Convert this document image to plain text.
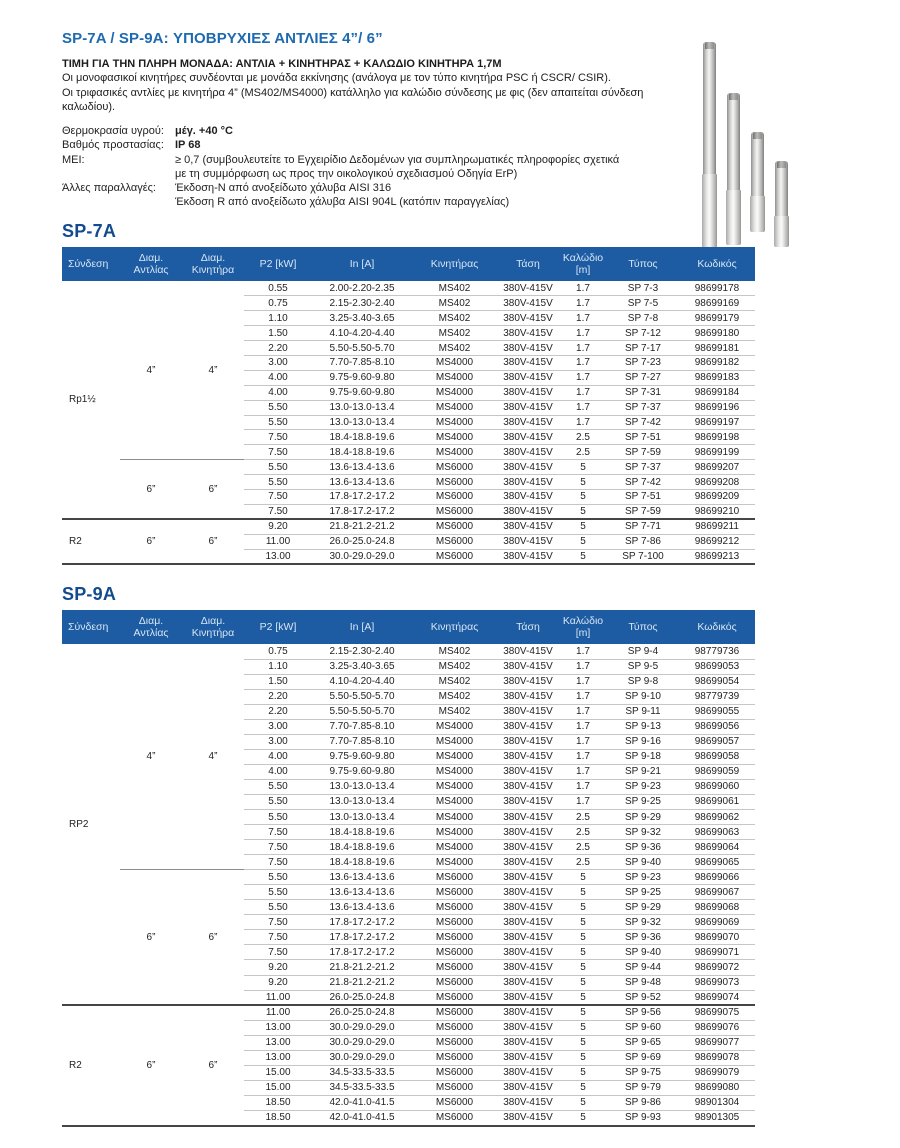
SP-7A / SP-9A: ΥΠΟΒΡΥΧΙΕΣ ΑΝΤΛΙΕΣ 4”/ 6”

ΤΙΜΗ ΓΙΑ ΤΗΝ ΠΛΗΡΗ ΜΟΝΑΔΑ: ΑΝΤΛΙΑ + ΚΙΝΗΤΗΡΑΣ + ΚΑΛΩΔΙΟ ΚΙΝΗΤΗΡΑ 1,7M

Οι μονοφασικοί κινητήρες συνδέονται με μονάδα εκκίνησης (ανάλογα με τον τύπο κινητήρα PSC ή CSCR/ CSIR).

Οι τριφασικές αντλίες με κινητήρα 4” (MS402/MS4000) κατάλληλο για καλώδιο σύνδεσης με φις (δεν απαιτείται σύνδεση καλωδίου).

Θερμοκρασία υγρού:	μέγ. +40 °C
Βαθμός προστασίας:	IP 68
MEI:	≥ 0,7 (συμβουλευτείτε το Εγχειρίδιο Δεδομένων για συμπληρωματικές πληροφορίες σχετικά
με τη συμμόρφωση ως προς την οικολογικού σχεδιασμού Οδηγία ErP)
Άλλες παραλλαγές:	Έκδοση-N από ανοξείδωτο χάλυβα AISI 316
Έκδοση R από ανοξείδωτο χάλυβα AISI 904L (κατόπιν παραγγελίας)
SP-7A
Σύνδεση	Διαμ. Αντλίας	Διαμ. Κινητήρα	P2 [kW]	In [A]	Κινητήρας	Τάση	Καλώδιο [m]	Τύπος	Κωδικός
Rp1½	4”	4”	0.55	2.00-2.20-2.35	MS402	380V-415V	1.7	SP 7-3	98699178
			0.75	2.15-2.30-2.40	MS402	380V-415V	1.7	SP 7-5	98699169
			1.10	3.25-3.40-3.65	MS402	380V-415V	1.7	SP 7-8	98699179
			1.50	4.10-4.20-4.40	MS402	380V-415V	1.7	SP 7-12	98699180
			2.20	5.50-5.50-5.70	MS402	380V-415V	1.7	SP 7-17	98699181
			3.00	7.70-7.85-8.10	MS4000	380V-415V	1.7	SP 7-23	98699182
			4.00	9.75-9.60-9.80	MS4000	380V-415V	1.7	SP 7-27	98699183
			4.00	9.75-9.60-9.80	MS4000	380V-415V	1.7	SP 7-31	98699184
			5.50	13.0-13.0-13.4	MS4000	380V-415V	1.7	SP 7-37	98699196
			5.50	13.0-13.0-13.4	MS4000	380V-415V	1.7	SP 7-42	98699197
			7.50	18.4-18.8-19.6	MS4000	380V-415V	2.5	SP 7-51	98699198
			7.50	18.4-18.8-19.6	MS4000	380V-415V	2.5	SP 7-59	98699199
	6”	6”	5.50	13.6-13.4-13.6	MS6000	380V-415V	5	SP 7-37	98699207
			5.50	13.6-13.4-13.6	MS6000	380V-415V	5	SP 7-42	98699208
			7.50	17.8-17.2-17.2	MS6000	380V-415V	5	SP 7-51	98699209
			7.50	17.8-17.2-17.2	MS6000	380V-415V	5	SP 7-59	98699210
R2	6”	6”	9.20	21.8-21.2-21.2	MS6000	380V-415V	5	SP 7-71	98699211
			11.00	26.0-25.0-24.8	MS6000	380V-415V	5	SP 7-86	98699212
			13.00	30.0-29.0-29.0	MS6000	380V-415V	5	SP 7-100	98699213
SP-9A
Σύνδεση	Διαμ. Αντλίας	Διαμ. Κινητήρα	P2 [kW]	In [A]	Κινητήρας	Τάση	Καλώδιο [m]	Τύπος	Κωδικός
RP2	4”	4”	0.75	2.15-2.30-2.40	MS402	380V-415V	1.7	SP 9-4	98779736
			1.10	3.25-3.40-3.65	MS402	380V-415V	1.7	SP 9-5	98699053
			1.50	4.10-4.20-4.40	MS402	380V-415V	1.7	SP 9-8	98699054
			2.20	5.50-5.50-5.70	MS402	380V-415V	1.7	SP 9-10	98779739
			2.20	5.50-5.50-5.70	MS402	380V-415V	1.7	SP 9-11	98699055
			3.00	7.70-7.85-8.10	MS4000	380V-415V	1.7	SP 9-13	98699056
			3.00	7.70-7.85-8.10	MS4000	380V-415V	1.7	SP 9-16	98699057
			4.00	9.75-9.60-9.80	MS4000	380V-415V	1.7	SP 9-18	98699058
			4.00	9.75-9.60-9.80	MS4000	380V-415V	1.7	SP 9-21	98699059
			5.50	13.0-13.0-13.4	MS4000	380V-415V	1.7	SP 9-23	98699060
			5.50	13.0-13.0-13.4	MS4000	380V-415V	1.7	SP 9-25	98699061
			5.50	13.0-13.0-13.4	MS4000	380V-415V	2.5	SP 9-29	98699062
			7.50	18.4-18.8-19.6	MS4000	380V-415V	2.5	SP 9-32	98699063
			7.50	18.4-18.8-19.6	MS4000	380V-415V	2.5	SP 9-36	98699064
			7.50	18.4-18.8-19.6	MS4000	380V-415V	2.5	SP 9-40	98699065
	6”	6”	5.50	13.6-13.4-13.6	MS6000	380V-415V	5	SP 9-23	98699066
			5.50	13.6-13.4-13.6	MS6000	380V-415V	5	SP 9-25	98699067
			5.50	13.6-13.4-13.6	MS6000	380V-415V	5	SP 9-29	98699068
			7.50	17.8-17.2-17.2	MS6000	380V-415V	5	SP 9-32	98699069
			7.50	17.8-17.2-17.2	MS6000	380V-415V	5	SP 9-36	98699070
			7.50	17.8-17.2-17.2	MS6000	380V-415V	5	SP 9-40	98699071
			9.20	21.8-21.2-21.2	MS6000	380V-415V	5	SP 9-44	98699072
			9.20	21.8-21.2-21.2	MS6000	380V-415V	5	SP 9-48	98699073
			11.00	26.0-25.0-24.8	MS6000	380V-415V	5	SP 9-52	98699074
R2	6”	6”	11.00	26.0-25.0-24.8	MS6000	380V-415V	5	SP 9-56	98699075
			13.00	30.0-29.0-29.0	MS6000	380V-415V	5	SP 9-60	98699076
			13.00	30.0-29.0-29.0	MS6000	380V-415V	5	SP 9-65	98699077
			13.00	30.0-29.0-29.0	MS6000	380V-415V	5	SP 9-69	98699078
			15.00	34.5-33.5-33.5	MS6000	380V-415V	5	SP 9-75	98699079
			15.00	34.5-33.5-33.5	MS6000	380V-415V	5	SP 9-79	98699080
			18.50	42.0-41.0-41.5	MS6000	380V-415V	5	SP 9-86	98901304
			18.50	42.0-41.0-41.5	MS6000	380V-415V	5	SP 9-93	98901305
